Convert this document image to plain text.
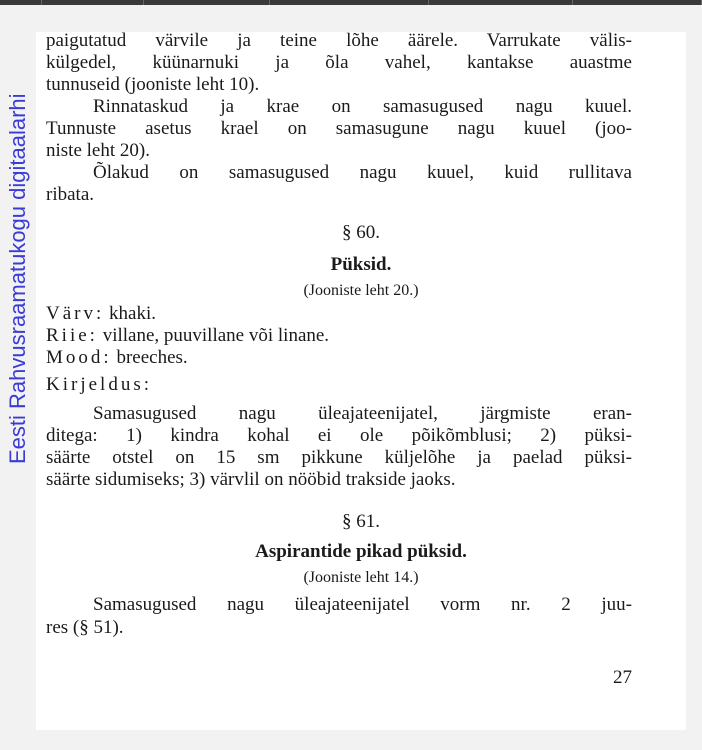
Eesti Rahvusraamatukogu digitaalarhi
paigutatud värvile ja teine lõhe äärele. Varrukate välis-
külgedel, küünarnuki ja õla vahel, kantakse auastme
tunnuseid (jooniste leht 10).
Rinnataskud ja krae on samasugused nagu kuuel.
Tunnuste asetus krael on samasugune nagu kuuel (joo-
niste leht 20).
Õlakud on samasugused nagu kuuel, kuid rullitava
ribata.
§ 60.
Püksid.
(Jooniste leht 20.)
Värv: khaki.
Riie: villane, puuvillane või linane.
Mood: breeches.
Kirjeldus:
Samasugused nagu üleajateenijatel, järgmiste eran-
ditega: 1) kindra kohal ei ole põikõmblusi; 2) püksi-
säärte otstel on 15 sm pikkune küljelõhe ja paelad püksi-
säärte sidumiseks; 3) värvlil on nööbid trakside jaoks.
§ 61.
Aspirantide pikad püksid.
(Jooniste leht 14.)
Samasugused nagu üleajateenijatel vorm nr. 2 juu-
res (§ 51).
27
